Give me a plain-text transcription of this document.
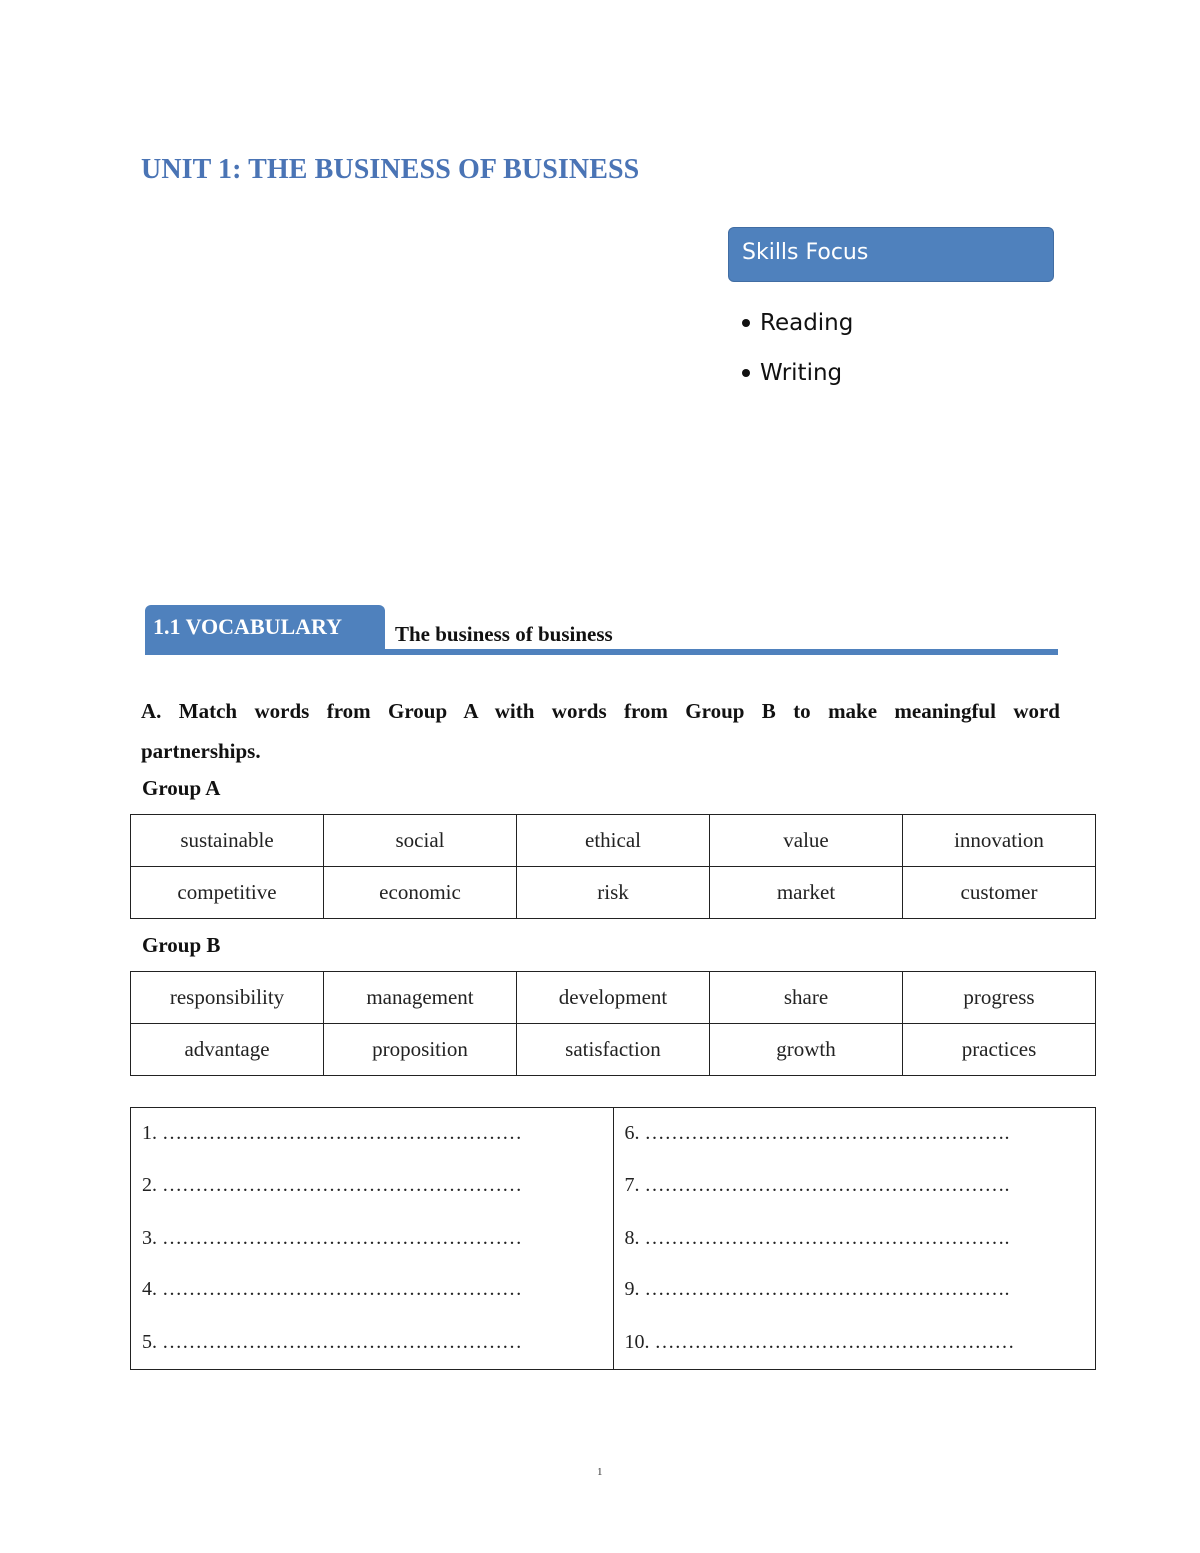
UNIT 1: THE BUSINESS OF BUSINESS
Skills Focus
Reading
Writing
1.1 VOCABULARY	The business of business

A. Match words from Group A with words from Group B to make meaningful word partnerships.

Group A
sustainable	social	ethical	value	innovation
competitive	economic	risk	market	customer
Group B
responsibility	management	development	share	progress
advantage	proposition	satisfaction	growth	practices
1. ………………………………………………
2. ………………………………………………
3. ………………………………………………
4. ………………………………………………
5. ………………………………………………
6. ……………………………………………….
7. ……………………………………………….
8. ……………………………………………….
9. ……………………………………………….
10. ………………………………………………
1
